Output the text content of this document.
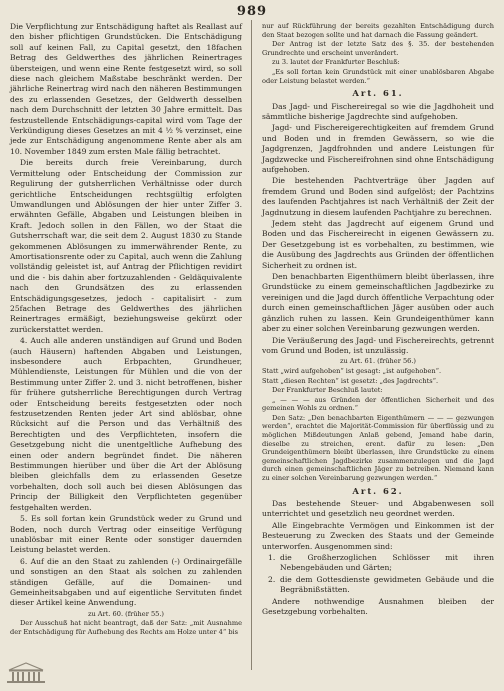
989

Die Verpflichtung zur Entschädigung haftet als Reallast auf den bisher pflichtigen Grundstücken. Die Entschädigung soll auf keinen Fall, zu Capital gesetzt, den 18fachen Betrag des Geldwerthes des jährlichen Reinertrages übersteigen, und wenn eine Rente festgesetzt wird, so soll diese nach gleichem Maßstabe beschränkt werden. Der jährliche Reinertrag wird nach den näheren Bestimmungen des zu erlassenden Gesetzes, der Geldwerth desselben nach dem Durchschnitt der letzten 30 Jahre ermittelt. Das festzustellende Entschädigungs-capital wird vom Tage der Verkündigung dieses Gesetzes an mit 4 ⅟₂ % verzinset, eine jede zur Entschädigung angenommene Rente aber als am 10. November 1849 zum ersten Male fällig betrachtet.

Die bereits durch freie Vereinbarung, durch Vermittelung oder Entscheidung der Commission zur Regulirung der gutsherrlichen Verhältnisse oder durch gerichtliche Entscheidungen rechtsgültig erfolgten Umwandlungen und Ablösungen der hier unter Ziffer 3. erwähnten Gefälle, Abgaben und Leistungen bleiben in Kraft. Jedoch sollen in den Fällen, wo der Staat die Gutsherrschaft war, die seit dem 2. August 1830 zu Stande gekommenen Ablösungen zu immerwährender Rente, zu Amortisationsrente oder zu Capital, auch wenn die Zahlung vollständig geleistet ist, auf Antrag der Pflichtigen revidirt und die - bis dahin aber fortzuzahlenden - Geldäquivalente nach den Grundsätzen des zu erlassenden Entschädigungsgesetzes, jedoch - capitalisirt - zum 25fachen Betrage des Geldwerthes des jährlichen Reinertrages ermäßigt, beziehungsweise gekürzt oder zurückerstattet werden.

4. Auch alle anderen unständigen auf Grund und Boden (auch Häusern) haftenden Abgaben und Leistungen, insbesondere auch Erbpachten, Grundheuer, Mühlendienste, Leistungen für Mühlen und die von der Bestimmung unter Ziffer 2. und 3. nicht betroffenen, bisher für frühere gutsherrliche Berechtigungen durch Vertrag oder Entscheidung bereits festgesetzten oder noch festzusetzenden Renten jeder Art sind ablösbar, ohne Rücksicht auf die Person und das Verhältniß des Berechtigten und des Verpflichteten, insofern die Gesetzgebung nicht die unentgeltliche Aufhebung des einen oder andern begründet findet. Die näheren Bestimmungen hierüber und über die Art der Ablösung bleiben gleichfalls dem zu erlassenden Gesetze vorbehalten, doch soll auch bei diesen Ablösungen das Princip der Billigkeit den Verpflichteten gegenüber festgehalten werden.

5. Es soll fortan kein Grundstück weder zu Grund und Boden, noch durch Vertrag oder einseitige Verfügung unablösbar mit einer Rente oder sonstiger dauernden Leistung belastet werden.

6. Auf die an den Staat zu zahlenden (-) Ordinairgefälle und sonstigen an den Staat als solchen zu zahlenden ständigen Gefälle, auf die Domainen- und Gemeinheitsabgaben und auf eigentliche Servituten findet dieser Artikel keine Anwendung.

zu Art. 60. (früher 55.)

Der Ausschuß hat nicht beantragt, daß der Satz: „mit Ausnahme der Entschädigung für Aufhebung des Rechts am Holze unter 4“ bis

nur auf Rückführung der bereits gezahlten Entschädigung durch den Staat bezogen sollte und hat darnach die Fassung geändert.

Der Antrag ist der letzte Satz des §. 35. der bestehenden Grundrechte und erscheint unverändert.

zu 3. lautet der Frankfurter Beschluß:

„Es soll fortan kein Grundstück mit einer unablösbaren Abgabe oder Leistung belastet werden.“

Art. 61.

Das Jagd- und Fischereiregal so wie die Jagdhoheit und sämmtliche bisherige Jagdrechte sind aufgehoben.

Jagd- und Fischereigerechtigkeiten auf fremdem Grund und Boden und in fremden Gewässern, so wie die Jagdgrenzen, Jagdfrohnden und andere Leistungen für Jagdzwecke und Fischereifrohnen sind ohne Entschädigung aufgehoben.

Die bestehenden Pachtverträge über Jagden auf fremdem Grund und Boden sind aufgelöst; der Pachtzins des laufenden Pachtjahres ist nach Verhältniß der Zeit der Jagdnutzung in diesem laufenden Pachtjahre zu berechnen.

Jedem steht das Jagdrecht auf eigenem Grund und Boden und das Fischereirecht in eigenen Gewässern zu. Der Gesetzgebung ist es vorbehalten, zu bestimmen, wie die Ausübung des Jagdrechts aus Gründen der öffentlichen Sicherheit zu ordnen ist.

Den benachbarten Eigenthümern bleibt überlassen, ihre Grundstücke zu einem gemeinschaftlichen Jagdbezirke zu vereinigen und die Jagd durch öffentliche Verpachtung oder durch einen gemeinschaftlichen Jäger ausüben oder auch gänzlich ruhen zu lassen. Kein Grundeigenthümer kann aber zu einer solchen Vereinbarung gezwungen werden.

Die Veräußerung des Jagd- und Fischereirechts, getrennt vom Grund und Boden, ist unzulässig.

zu Art. 61. (früher 56.)

Statt „wird aufgehoben“ ist gesagt: „ist aufgehoben“.

Statt „diesen Rechten“ ist gesetzt: „des Jagdrechts“.

Der Frankfurter Beschluß lautet:

„ — — — aus Gründen der öffentlichen Sicherheit und des gemeinen Wohls zu ordnen.“

Den Satz: „Den benachbarten Eigenthümern — — — gezwungen werden“, erachtet die Majorität-Commission für überflüssig und zu möglichen Mißdeutungen Anlaß gebend, Jemand habe darin, dieselbe zu streichen, erent. dafür zu lesen: „Den Grundeigenthümern bleibt überlassen, ihre Grundstücke zu einem gemeinschaftlichen Jagdbezirke zusammenzulegen und die Jagd durch einen gemeinschaftlichen Jäger zu betreiben. Niemand kann zu einer solchen Vereinbarung gezwungen werden.“

Art. 62.

Das bestehende Steuer- und Abgabenwesen soll unterrichtet und gesetzlich neu geordnet werden.

Alle Eingebrachte Vermögen und Einkommen ist der Besteuerung zu Zwecken des Staats und der Gemeinde unterworfen. Ausgenommen sind:

1. die Großherzoglichen Schlösser mit ihren Nebengebäuden und Gärten;
2. die dem Gottesdienste gewidmeten Gebäude und die Begräbnißstätten.

Andere nothwendige Ausnahmen bleiben der Gesetzgebung vorbehalten.
